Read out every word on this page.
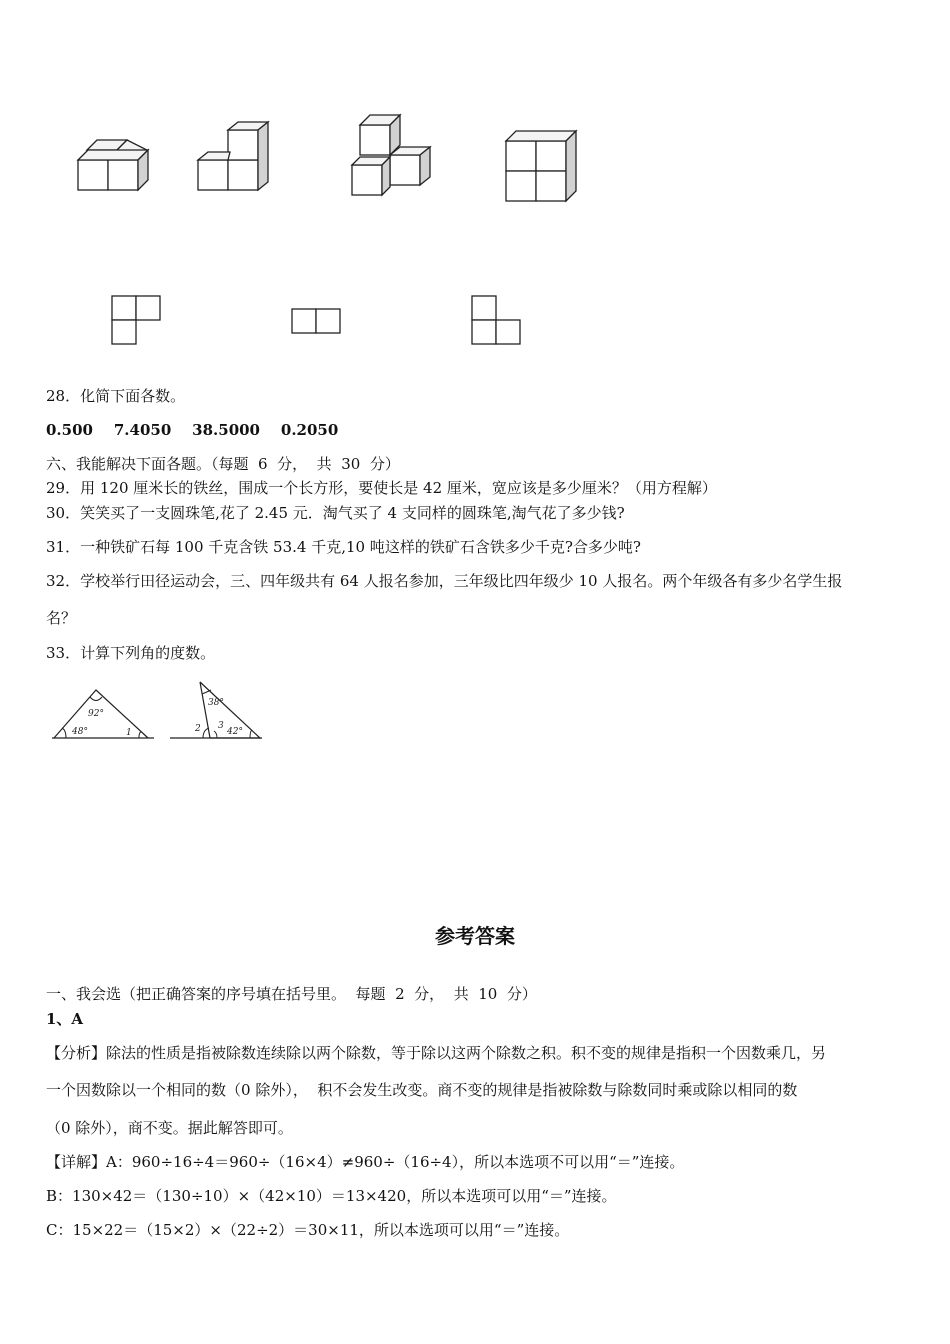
28．化简下面各数。
0.500    7.4050    38.5000    0.2050
六、我能解决下面各题。（每题  6  分，  共  30  分）
29．用 120 厘米长的铁丝，围成一个长方形，要使长是 42 厘米，宽应该是多少厘米？（用方程解）
30．笑笑买了一支圆珠笔,花了 2.45 元．淘气买了 4 支同样的圆珠笔,淘气花了多少钱?
31．一种铁矿石每 100 千克含铁 53.4 千克,10 吨这样的铁矿石含铁多少千克?合多少吨?
32．学校举行田径运动会，三、四年级共有 64 人报名参加，三年级比四年级少 10 人报名。两个年级各有多少名学生报
名？
33．计算下列角的度数。
92°
48°	1
38°
2 3
42°
参考答案
一、我会选（把正确答案的序号填在括号里。  每题  2  分，  共  10  分）
1、A
【分析】除法的性质是指被除数连续除以两个除数，等于除以这两个除数之积。积不变的规律是指积一个因数乘几，另
一个因数除以一个相同的数（0 除外），  积不会发生改变。商不变的规律是指被除数与除数同时乘或除以相同的数
（0 除外），商不变。据此解答即可。
【详解】A：960÷16÷4＝960÷（16×4）≠960÷（16÷4），所以本选项不可以用“＝”连接。
B：130×42＝（130÷10）×（42×10）＝13×420，所以本选项可以用“＝”连接。
C：15×22＝（15×2）×（22÷2）＝30×11，所以本选项可以用“＝”连接。
